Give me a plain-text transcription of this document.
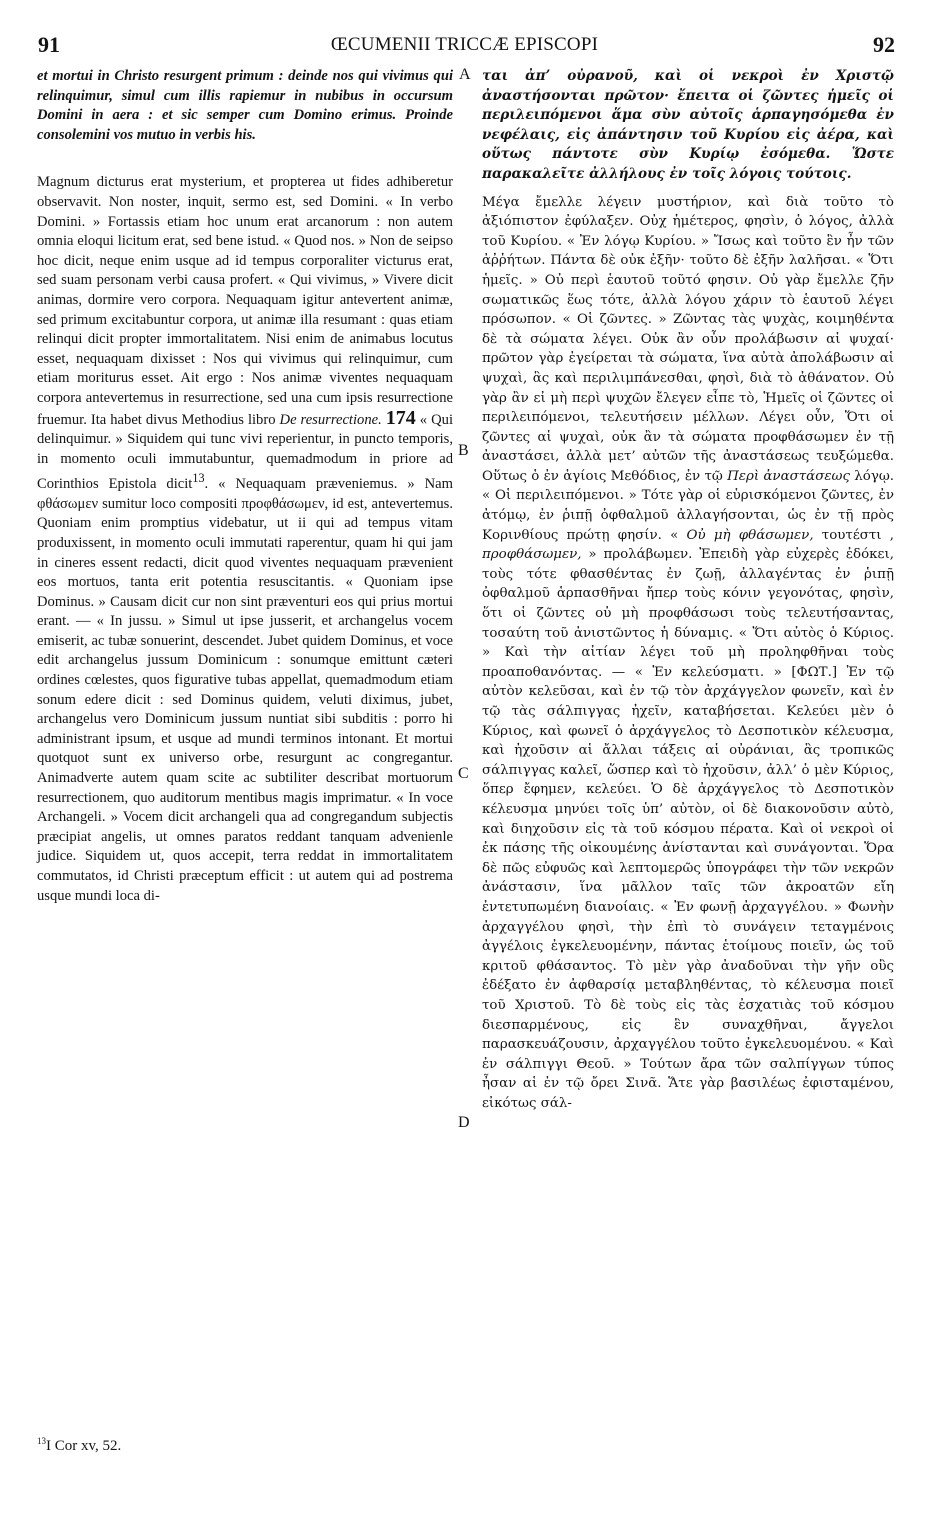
91	ŒCUMENII TRICCÆ EPISCOPI	92

et mortui in Christo resurgent primum : deinde nos qui vivimus qui relinquimur, simul cum illis rapiemur in nubibus in occursum Domini in aera : et sic semper cum Domino erimus. Proinde consolemini vos mutuo in verbis his.

Magnum dicturus erat mysterium, et propterea ut fides adhiberetur observavit. Non noster, inquit, sermo est, sed Domini. « In verbo Domini. » Fortassis etiam hoc unum erat arcanorum : non autem omnia eloqui licitum erat, sed bene istud. « Quod nos. » Non de seipso hoc dicit, neque enim usque ad id tempus corporaliter victurus erat, sed suam personam verbi causa profert. « Qui vivimus, » Vivere dicit animas, dormire vero corpora. Nequaquam igitur antevertent animæ, sed primum excitabuntur corpora, ut animæ illa resumant : quas etiam relinqui dicit propter immortalitatem. Nisi enim de animabus locutus esset, nequaquam dixisset : Nos qui vivimus qui relinquimur, cum etiam moriturus esset. Ait ergo : Nos animæ viventes nequaquam corpora antevertemus in resurrectione, sed una cum ipsis resurrectione fruemur. Ita habet divus Methodius libro De resurrectione. 174 « Qui delinquimur. » Siquidem qui tunc vivi reperientur, in puncto temporis, in momento oculi immutabuntur, quemadmodum in priore ad Corinthios Epistola dicit$^{13}$. « Nequaquam præveniemus. » Nam φθάσωμεν sumitur loco compositi προφθάσωμεν, id est, antevertemus. Quoniam enim promptius videbatur, ut ii qui ad tempus vitam produxissent, in momento oculi immutati raperentur, quam hi qui jam in cineres essent redacti, dicit quod viventes nequaquam prævenient eos mortuos, tanta erit potentia resuscitantis. « Quoniam ipse Dominus. » Causam dicit cur non sint præventuri eos qui prius mortui erant. — « In jussu. » Simul ut ipse jusserit, et archangelus vocem emiserit, ac tubæ sonuerint, descendet. Jubet quidem Dominus, et voce edit archangelus jussum Dominicum : sonumque emittunt cæteri ordines cœlestes, quos figurative tubas appellat, quemadmodum etiam sonum edere dicit : sed Dominus quidem, veluti diximus, jubet, archangelus vero Dominicum jussum nuntiat sibi subditis : porro hi administrant ipsum, et usque ad mundi terminos intonant. Et mortui quotquot sunt ex universo orbe, resurgunt ac congregantur. Animadverte autem quam scite ac subtiliter describat mortuorum resurrectionem, quo auditorum mentibus magis imprimatur. « In voce Archangeli. » Vocem dicit archangeli qua ad congregandum subjectis præcipiat angelis, ut omnes paratos reddant tanquam advenienle judice. Siquidem ut, quos accepit, terra reddat in immortalitatem commutatos, id Christi præceptum efficit : ut autem qui ad postrema usque mundi loca di-

ται ἀπ’ οὐρανοῦ, καὶ οἱ νεκροὶ ἐν Χριστῷ ἀναστήσονται πρῶτον· ἔπειτα οἱ ζῶντες ἡμεῖς οἱ περιλειπόμενοι ἅμα σὺν αὐτοῖς ἁρπαγησόμεθα ἐν νεφέλαις, εἰς ἀπάντησιν τοῦ Κυρίου εἰς ἀέρα, καὶ οὕτως πάντοτε σὺν Κυρίῳ ἐσόμεθα. Ὥστε παρακαλεῖτε ἀλλήλους ἐν τοῖς λόγοις τούτοις.

Μέγα ἔμελλε λέγειν μυστήριον, καὶ διὰ τοῦτο τὸ ἀξιόπιστον ἐφύλαξεν. Οὐχ ἡμέτερος, φησὶν, ὁ λόγος, ἀλλὰ τοῦ Κυρίου. « Ἐν λόγῳ Κυρίου. » Ἴσως καὶ τοῦτο ἓν ἦν τῶν ἀῤῥήτων. Πάντα δὲ οὐκ ἐξῆν· τοῦτο δὲ ἐξῆν λαλῆσαι. « Ὅτι ἡμεῖς. » Οὐ περὶ ἑαυτοῦ τοῦτό φησιν. Οὐ γὰρ ἔμελλε ζῆν σωματικῶς ἕως τότε, ἀλλὰ λόγου χάριν τὸ ἑαυτοῦ λέγει πρόσωπον. « Οἱ ζῶντες. » Ζῶντας τὰς ψυχὰς, κοιμηθέντα δὲ τὰ σώματα λέγει. Οὐκ ἂν οὖν προλάβωσιν αἱ ψυχαί· πρῶτον γὰρ ἐγείρεται τὰ σώματα, ἵνα αὐτὰ ἀπολάβωσιν αἱ ψυχαὶ, ἃς καὶ περιλιμπάνεσθαι, φησὶ, διὰ τὸ ἀθάνατον. Οὐ γὰρ ἂν εἰ μὴ περὶ ψυχῶν ἔλεγεν εἶπε τὸ, Ἡμεῖς οἱ ζῶντες οἱ περιλειπόμενοι, τελευτήσειν μέλλων. Λέγει οὖν, Ὅτι οἱ ζῶντες αἱ ψυχαὶ, οὐκ ἂν τὰ σώματα προφθάσωμεν ἐν τῇ ἀναστάσει, ἀλλὰ μετ’ αὐτῶν τῆς ἀναστάσεως τευξώμεθα. Οὕτως ὁ ἐν ἁγίοις Μεθόδιος, ἐν τῷ Περὶ ἀναστάσεως λόγῳ. « Οἱ περιλειπόμενοι. » Τότε γὰρ οἱ εὑρισκόμενοι ζῶντες, ἐν ἀτόμῳ, ἐν ῥιπῇ ὀφθαλμοῦ ἀλλαγήσονται, ὡς ἐν τῇ πρὸς Κορινθίους πρώτῃ φησίν. « Οὐ μὴ φθάσωμεν, τουτέστι , προφθάσωμεν, » προλάβωμεν. Ἐπειδὴ γὰρ εὐχερὲς ἐδόκει, τοὺς τότε φθασθέντας ἐν ζωῇ, ἀλλαγέντας ἐν ῥιπῇ ὀφθαλμοῦ ἁρπασθῆναι ἤπερ τοὺς κόνιν γεγονότας, φησὶν, ὅτι οἱ ζῶντες οὐ μὴ προφθάσωσι τοὺς τελευτήσαντας, τοσαύτη τοῦ ἀνιστῶντος ἡ δύναμις. « Ὅτι αὐτὸς ὁ Κύριος. » Καὶ τὴν αἰτίαν λέγει τοῦ μὴ προληφθῆναι τοὺς προαποθανόντας. — « Ἐν κελεύσματι. » [ΦΩΤ.] Ἐν τῷ αὐτὸν κελεῦσαι, καὶ ἐν τῷ τὸν ἀρχάγγελον φωνεῖν, καὶ ἐν τῷ τὰς σάλπιγγας ἠχεῖν, καταβήσεται. Κελεύει μὲν ὁ Κύριος, καὶ φωνεῖ ὁ ἀρχάγγελος τὸ Δεσποτικὸν κέλευσμα, καὶ ἠχοῦσιν αἱ ἄλλαι τάξεις αἱ οὐράνιαι, ἃς τροπικῶς σάλπιγγας καλεῖ, ὥσπερ καὶ τὸ ἠχοῦσιν, ἀλλ’ ὁ μὲν Κύριος, ὅπερ ἔφημεν, κελεύει. Ὁ δὲ ἀρχάγγελος τὸ Δεσποτικὸν κέλευσμα μηνύει τοῖς ὑπ’ αὐτὸν, οἱ δὲ διακονοῦσιν αὐτὸ, καὶ διηχοῦσιν εἰς τὰ τοῦ κόσμου πέρατα. Καὶ οἱ νεκροὶ οἱ ἐκ πάσης τῆς οἰκουμένης ἀνίστανται καὶ συνάγονται. Ὅρα δὲ πῶς εὐφυῶς καὶ λεπτομερῶς ὑπογράφει τὴν τῶν νεκρῶν ἀνάστασιν, ἵνα μᾶλλον ταῖς τῶν ἀκροατῶν εἴη ἐντετυπωμένη διανοίαις. « Ἐν φωνῇ ἀρχαγγέλου. » Φωνὴν ἀρχαγγέλου φησὶ, τὴν ἐπὶ τὸ συνάγειν τεταγμένοις ἀγγέλοις ἐγκελευομένην, πάντας ἑτοίμους ποιεῖν, ὡς τοῦ κριτοῦ φθάσαντος. Τὸ μὲν γὰρ ἀναδοῦναι τὴν γῆν οὓς ἐδέξατο ἐν ἀφθαρσίᾳ μεταβληθέντας, τὸ κέλευσμα ποιεῖ τοῦ Χριστοῦ. Τὸ δὲ τοὺς εἰς τὰς ἐσχατιὰς τοῦ κόσμου διεσπαρμένους, εἰς ἓν συναχθῆναι, ἄγγελοι παρασκευάζουσιν, ἀρχαγγέλου τοῦτο ἐγκελευομένου. « Καὶ ἐν σάλπιγγι Θεοῦ. » Τούτων ἄρα τῶν σαλπίγγων τύπος ἦσαν αἱ ἐν τῷ ὄρει Σινᾶ. Ἅτε γὰρ βασιλέως ἐφισταμένου, εἰκότως σάλ-

A
B
C
D
$^{13}$I Cor xv, 52.
